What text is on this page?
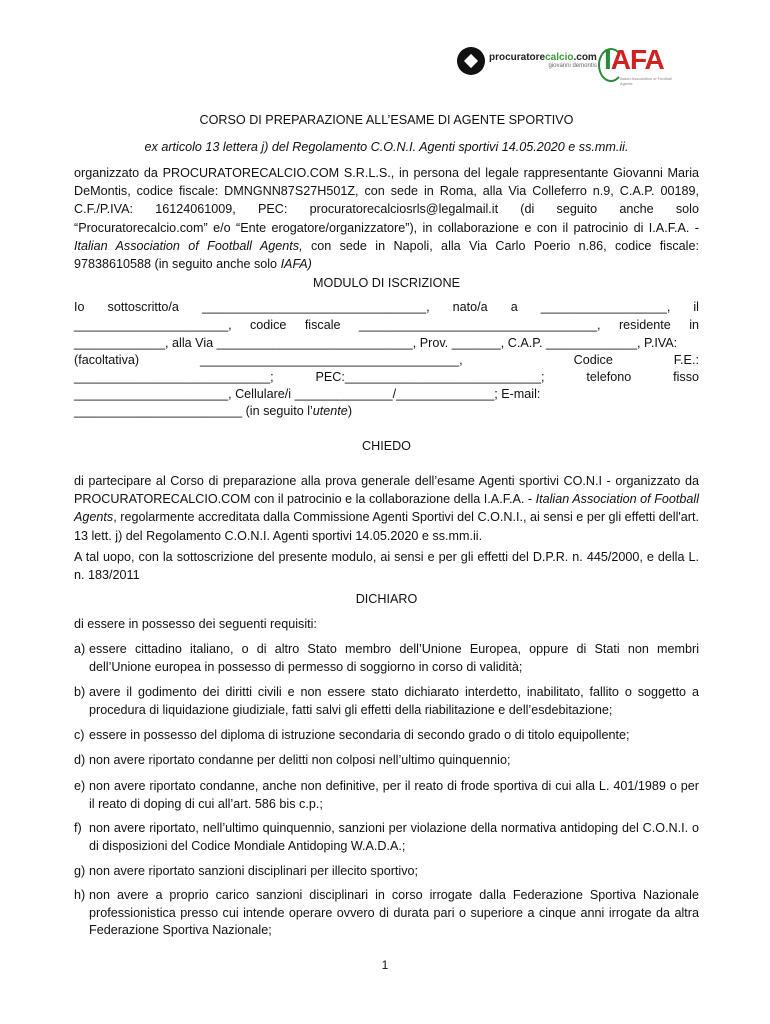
procuratorecalcio.com
giovanni demontis IAFA
Italian Association of Football Agents

CORSO DI PREPARAZIONE ALL’ESAME DI AGENTE SPORTIVO

ex articolo 13 lettera j) del Regolamento C.O.N.I. Agenti sportivi 14.05.2020 e ss.mm.ii.

organizzato da PROCURATORECALCIO.COM S.R.L.S., in persona del legale rappresentante Giovanni Maria DeMontis, codice fiscale: DMNGNN87S27H501Z, con sede in Roma, alla Via Colleferro n.9, C.A.P. 00189, C.F./P.IVA: 16124061009, PEC: procuratorecalciosrls@legalmail.it (di seguito anche solo “Procuratorecalcio.com” e/o “Ente erogatore/organizzatore”), in collaborazione e con il patrocinio di I.A.F.A. - Italian Association of Football Agents, con sede in Napoli, alla Via Carlo Poerio n.86, codice fiscale: 97838610588 (in seguito anche solo IAFA)

MODULO DI ISCRIZIONE

Io sottoscritto/a ________________________________, nato/a a __________________, il
______________________, codice fiscale __________________________________, residente in
_____________, alla Via ____________________________, Prov. _______, C.A.P. _____________, P.IVA:
(facoltativa)	_____________________________________,	Codice	F.E.:
____________________________;	PEC:____________________________;	telefono	fisso
______________________, Cellulare/i ______________/______________; E-mail:
________________________ (in seguito l’utente)

CHIEDO

di partecipare al Corso di preparazione alla prova generale dell’esame Agenti sportivi CO.N.I - organizzato da PROCURATORECALCIO.COM con il patrocinio e la collaborazione della I.A.F.A. - Italian Association of Football Agents, regolarmente accreditata dalla Commissione Agenti Sportivi del C.O.N.I., ai sensi e per gli effetti dell'art. 13 lett. j) del Regolamento C.O.N.I. Agenti sportivi 14.05.2020 e ss.mm.ii.

A tal uopo, con la sottoscrizione del presente modulo, ai sensi e per gli effetti del D.P.R. n. 445/2000, e della L. n. 183/2011

DICHIARO

di essere in possesso dei seguenti requisiti:

a) essere cittadino italiano, o di altro Stato membro dell’Unione Europea, oppure di Stati non membri dell’Unione europea in possesso di permesso di soggiorno in corso di validità;
b) avere il godimento dei diritti civili e non essere stato dichiarato interdetto, inabilitato, fallito o soggetto a procedura di liquidazione giudiziale, fatti salvi gli effetti della riabilitazione e dell’esdebitazione;
c) essere in possesso del diploma di istruzione secondaria di secondo grado o di titolo equipollente;
d) non avere riportato condanne per delitti non colposi nell’ultimo quinquennio;
e) non avere riportato condanne, anche non definitive, per il reato di frode sportiva di cui alla L. 401/1989 o per il reato di doping di cui all’art. 586 bis c.p.;
f) non avere riportato, nell’ultimo quinquennio, sanzioni per violazione della normativa antidoping del C.O.N.I. o di disposizioni del Codice Mondiale Antidoping W.A.D.A.;
g) non avere riportato sanzioni disciplinari per illecito sportivo;
h) non avere a proprio carico sanzioni disciplinari in corso irrogate dalla Federazione Sportiva Nazionale professionistica presso cui intende operare ovvero di durata pari o superiore a cinque anni irrogate da altra Federazione Sportiva Nazionale;
1
